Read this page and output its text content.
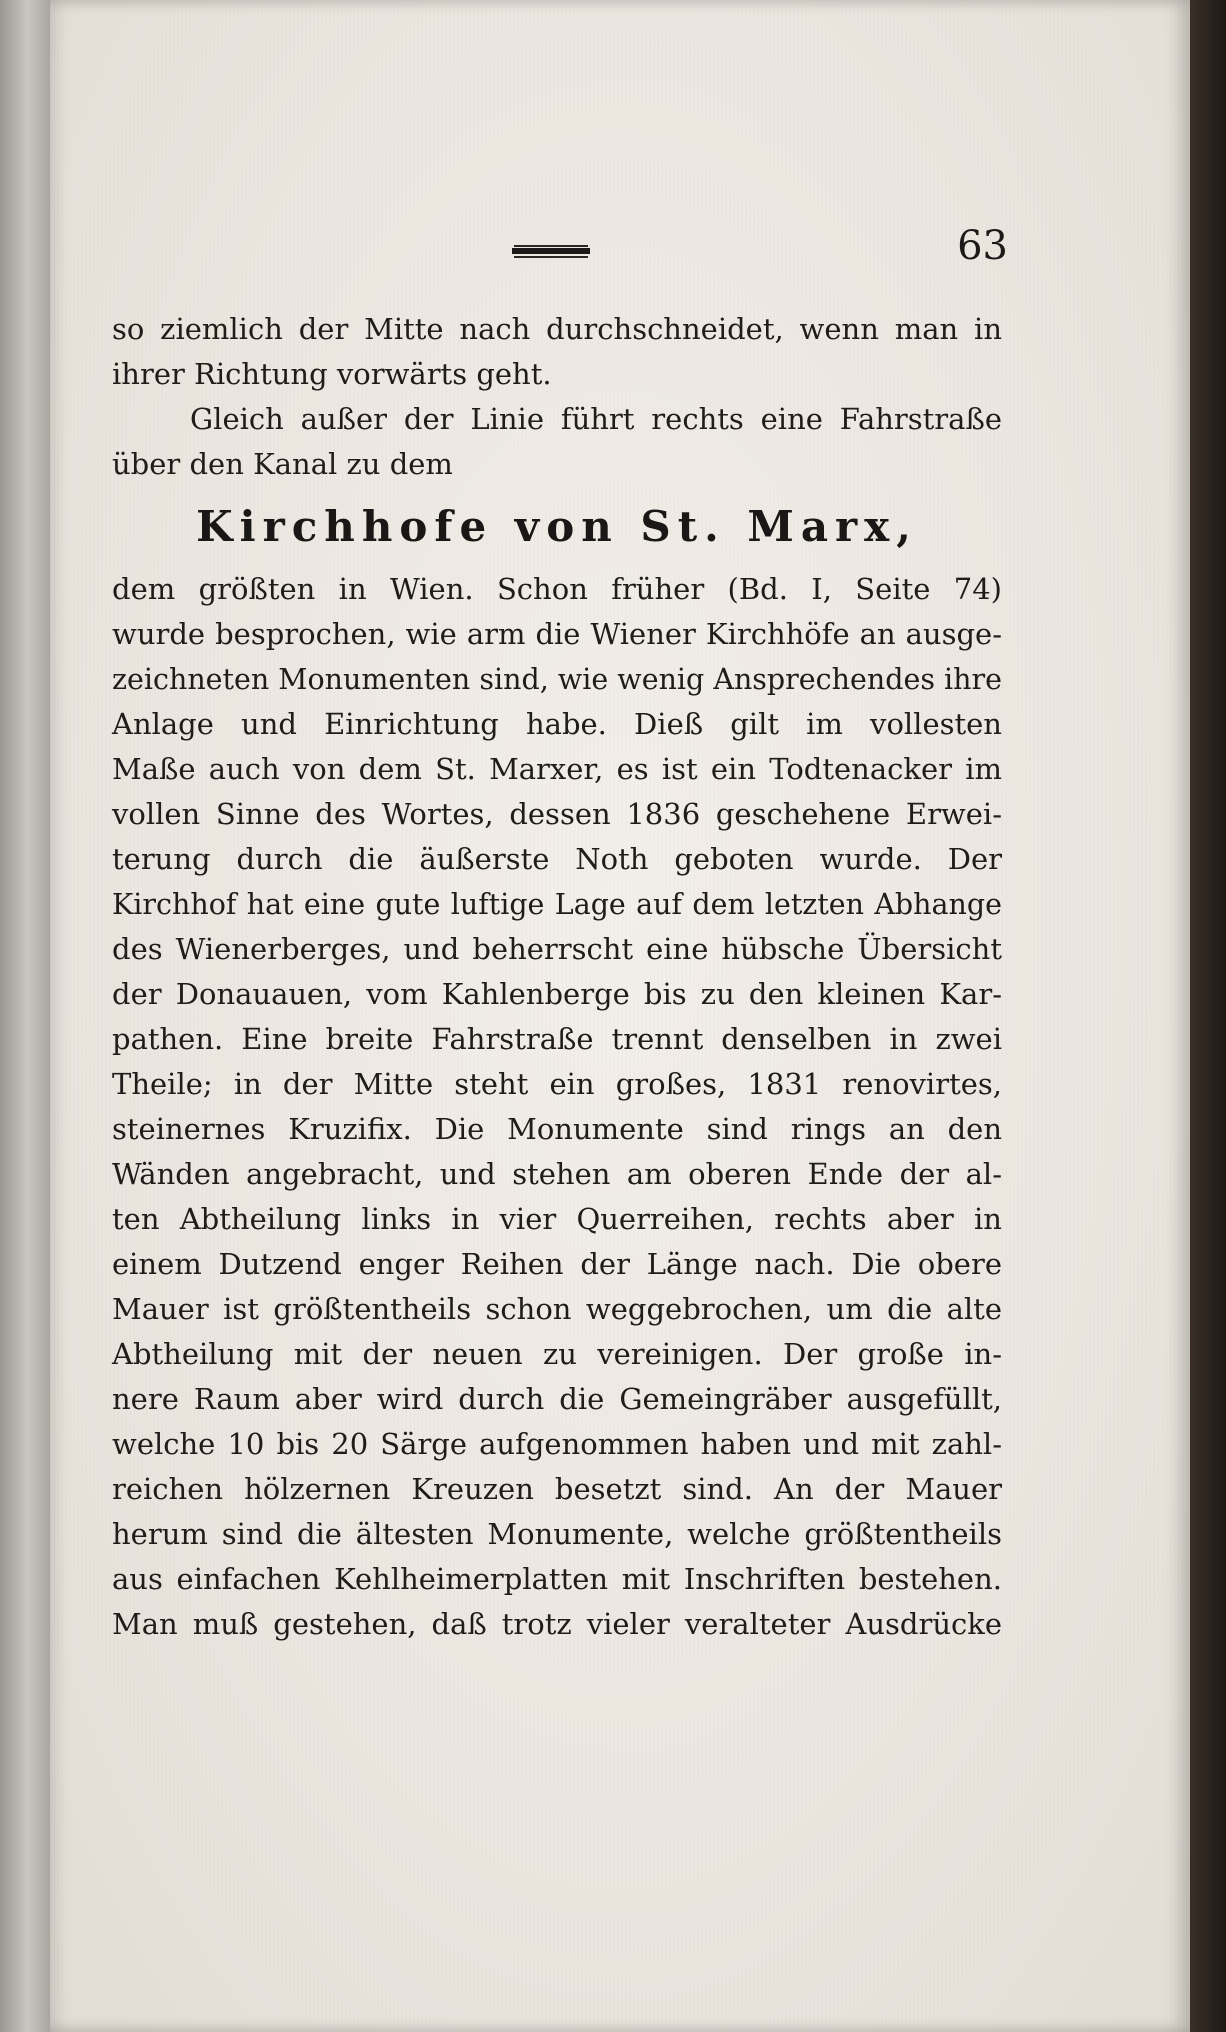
63
so ziemlich der Mitte nach durchschneidet, wenn man in
ihrer Richtung vorwärts geht.
Gleich außer der Linie führt rechts eine Fahrstraße
über den Kanal zu dem
Kirchhofe von St. Marx,
dem größten in Wien. Schon früher (Bd. I, Seite 74)
wurde besprochen, wie arm die Wiener Kirchhöfe an ausge-
zeichneten Monumenten sind, wie wenig Ansprechendes ihre
Anlage und Einrichtung habe. Dieß gilt im vollesten
Maße auch von dem St. Marxer, es ist ein Todtenacker im
vollen Sinne des Wortes, dessen 1836 geschehene Erwei-
terung durch die äußerste Noth geboten wurde. Der
Kirchhof hat eine gute luftige Lage auf dem letzten Abhange
des Wienerberges, und beherrscht eine hübsche Übersicht
der Donauauen, vom Kahlenberge bis zu den kleinen Kar-
pathen. Eine breite Fahrstraße trennt denselben in zwei
Theile; in der Mitte steht ein großes, 1831 renovirtes,
steinernes Kruzifix. Die Monumente sind rings an den
Wänden angebracht, und stehen am oberen Ende der al-
ten Abtheilung links in vier Querreihen, rechts aber in
einem Dutzend enger Reihen der Länge nach. Die obere
Mauer ist größtentheils schon weggebrochen, um die alte
Abtheilung mit der neuen zu vereinigen. Der große in-
nere Raum aber wird durch die Gemeingräber ausgefüllt,
welche 10 bis 20 Särge aufgenommen haben und mit zahl-
reichen hölzernen Kreuzen besetzt sind. An der Mauer
herum sind die ältesten Monumente, welche größtentheils
aus einfachen Kehlheimerplatten mit Inschriften bestehen.
Man muß gestehen, daß trotz vieler veralteter Ausdrücke
